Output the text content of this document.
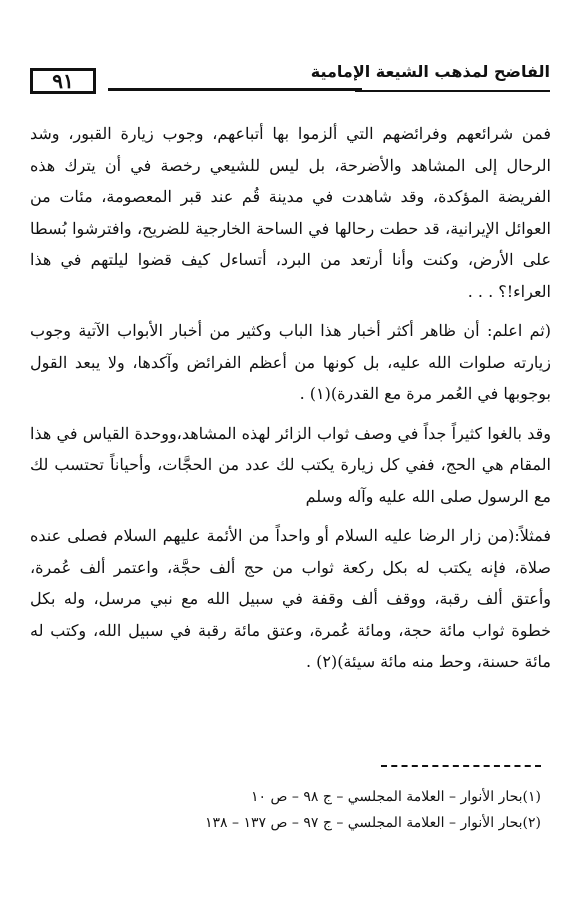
٩١	الفاضح لمذهب الشيعة الإمامية

فمن شرائعهم وفرائضهم التي ألزموا بها أتباعهم، وجوب زيارة القبور، وشد الرحال إلى المشاهد والأضرحة، بل ليس للشيعي رخصة في أن يترك هذه الفريضة المؤكدة، وقد شاهدت في مدينة قُم عند قبر المعصومة، مئات من العوائل الإيرانية، قد حطت رحالها في الساحة الخارجية للضريح، وافترشوا بُسطا على الأرض، وكنت وأنا أرتعد من البرد، أتساءل كيف قضوا ليلتهم في هذا العراء!؟ . . .

(ثم اعلم: أن ظاهر أكثر أخبار هذا الباب وكثير من أخبار الأبواب الآتية وجوب زيارته صلوات الله عليه، بل كونها من أعظم الفرائض وآكدها، ولا يبعد القول بوجوبها في العُمر مرة مع القدرة)(١) .

وقد بالغوا كثيراً جداً في وصف ثواب الزائر لهذه المشاهد،ووحدة القياس في هذا المقام هي الحج، ففي كل زيارة يكتب لك عدد من الحجَّات، وأحياناً تحتسب لك مع الرسول صلى الله عليه وآله وسلم

فمثلاً:(من زار الرضا عليه السلام أو واحداً من الأئمة عليهم السلام فصلى عنده صلاة، فإنه يكتب له بكل ركعة ثواب من حج ألف حجَّة، واعتمر ألف عُمرة، وأعتق ألف رقبة، ووقف ألف وقفة في سبيل الله مع نبي مرسل، وله بكل خطوة ثواب مائة حجة، ومائة عُمرة، وعتق مائة رقبة في سبيل الله، وكتب له مائة حسنة، وحط منه مائة سيئة)(٢) .

(١)بحار الأنوار – العلامة المجلسي – ج ٩٨ – ص ١٠
(٢)بحار الأنوار – العلامة المجلسي – ج ٩٧ – ص ١٣٧ – ١٣٨
